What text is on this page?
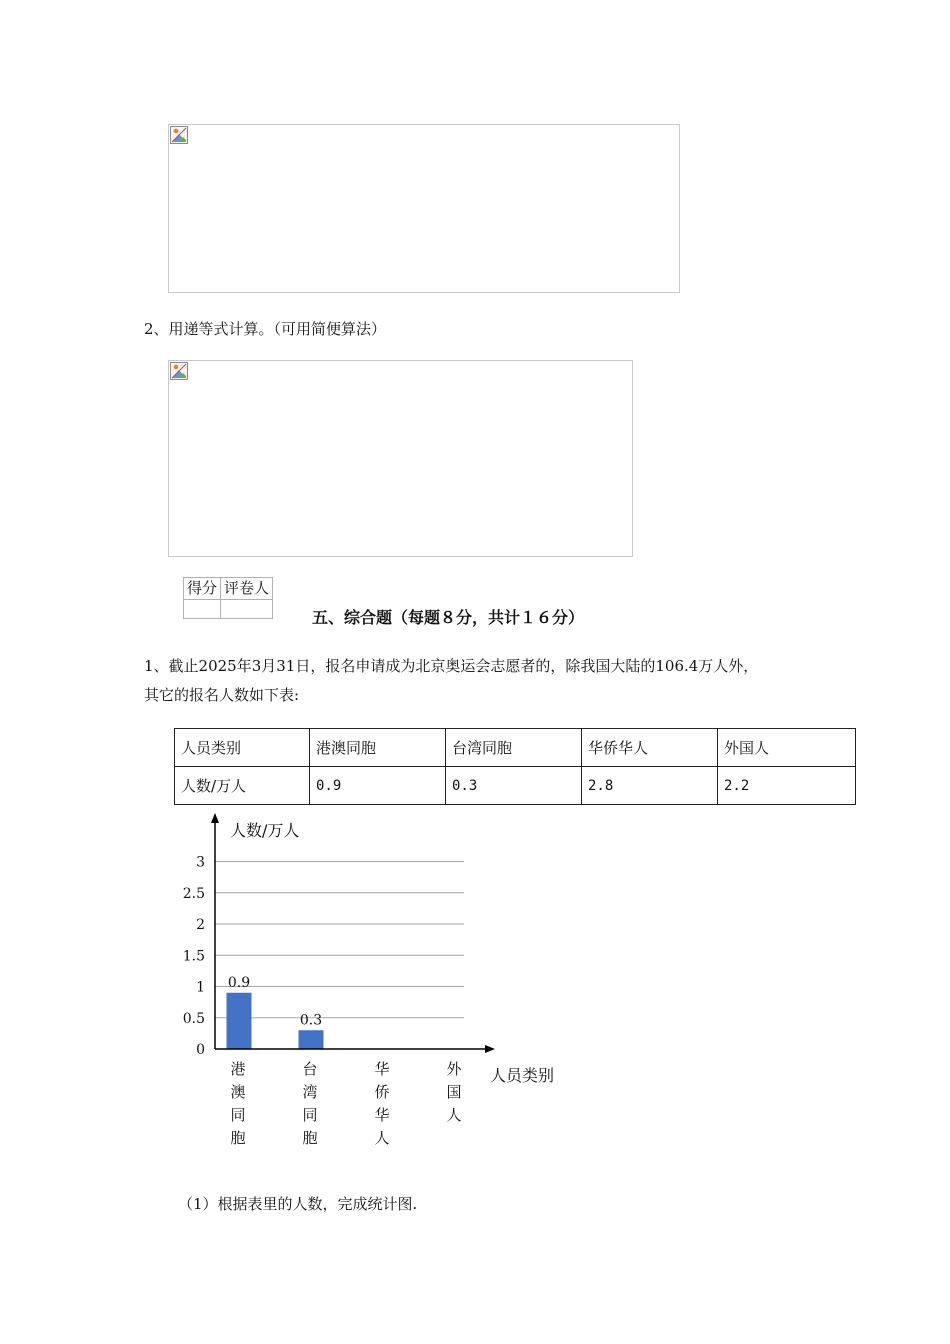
2、用递等式计算。（可用简便算法）
得分	评卷人

五、综合题（每题８分，共计１６分）
1、截止2025年3月31日，报名申请成为北京奥运会志愿者的，除我国大陆的106.4万人外，
其它的报名人数如下表:
人员类别	港澳同胞	台湾同胞	华侨华人	外国人
人数/万人	0.9	0.3	2.8	2.2
0
0.5
1
1.5
2
2.5
3
0.9
0.3
人数/万人
人员类别
港
澳
同
胞
台
湾
同
胞
华
侨
华
人
外
国
人
（1）根据表里的人数，完成统计图.
